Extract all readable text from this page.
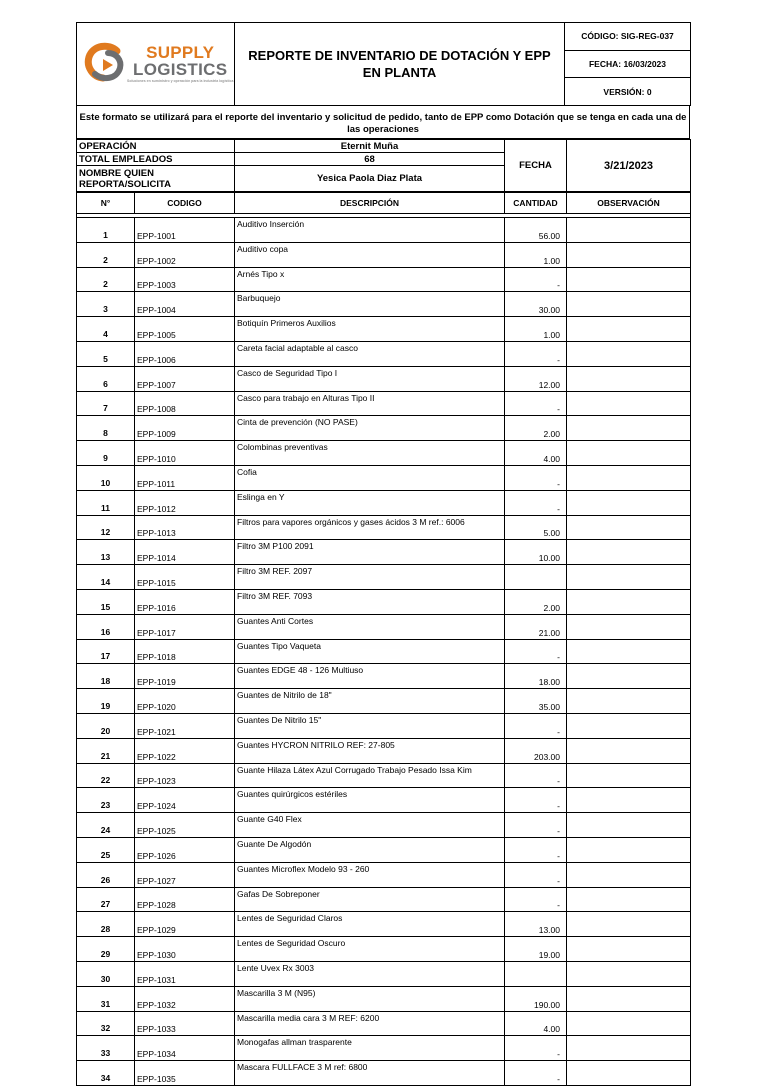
SUPPLY
LOGISTICS
Soluciones en suministro y operación para la industria logística
	REPORTE DE INVENTARIO DE DOTACIÓN Y EPP EN PLANTA	CÓDIGO: SIG-REG-037
FECHA: 16/03/2023
VERSIÓN: 0
Este formato se utilizará para el reporte del inventario y solicitud de pedido, tanto de EPP como Dotación que se tenga en cada una de las operaciones
OPERACIÓN	Eternit Muña	FECHA	3/21/2023
TOTAL EMPLEADOS	68		
NOMBRE QUIEN REPORTA/SOLICITA	Yesica Paola Diaz Plata		
N°	CODIGO	DESCRIPCIÓN	CANTIDAD	OBSERVACIÓN

1	EPP-1001	Auditivo Inserción	56.00	
2	EPP-1002	Auditivo copa	1.00	
2	EPP-1003	Arnés Tipo x	-	
3	EPP-1004	Barbuquejo	30.00	
4	EPP-1005	Botiquín Primeros Auxilios	1.00	
5	EPP-1006	Careta facial adaptable al casco	-	
6	EPP-1007	Casco de Seguridad Tipo I	12.00	
7	EPP-1008	Casco para trabajo en Alturas Tipo II	-	
8	EPP-1009	Cinta de prevención (NO PASE)	2.00	
9	EPP-1010	Colombinas preventivas	4.00	
10	EPP-1011	Cofia	-	
11	EPP-1012	Eslinga en Y	-	
12	EPP-1013	Filtros para vapores orgánicos y gases ácidos 3 M ref.: 6006	5.00	
13	EPP-1014	Filtro 3M P100 2091	10.00	
14	EPP-1015	Filtro 3M REF. 2097		
15	EPP-1016	Filtro 3M REF. 7093	2.00	
16	EPP-1017	Guantes Anti Cortes	21.00	
17	EPP-1018	Guantes Tipo Vaqueta	-	
18	EPP-1019	Guantes EDGE 48 - 126 Multiuso	18.00	
19	EPP-1020	Guantes de Nitrilo de 18"	35.00	
20	EPP-1021	Guantes De Nitrilo 15"	-	
21	EPP-1022	Guantes HYCRON NITRILO REF: 27-805	203.00	
22	EPP-1023	Guante Hilaza Látex Azul Corrugado Trabajo Pesado Issa Kim	-	
23	EPP-1024	Guantes quirúrgicos estériles	-	
24	EPP-1025	Guante G40 Flex	-	
25	EPP-1026	Guante De Algodón	-	
26	EPP-1027	Guantes Microflex Modelo 93 - 260	-	
27	EPP-1028	Gafas De Sobreponer	-	
28	EPP-1029	Lentes de Seguridad Claros	13.00	
29	EPP-1030	Lentes de Seguridad Oscuro	19.00	
30	EPP-1031	Lente Uvex Rx 3003		
31	EPP-1032	Mascarilla 3 M (N95)	190.00	
32	EPP-1033	Mascarilla media cara 3 M REF: 6200	4.00	
33	EPP-1034	Monogafas allman trasparente	-	
34	EPP-1035	Mascara FULLFACE 3 M ref: 6800	-	
